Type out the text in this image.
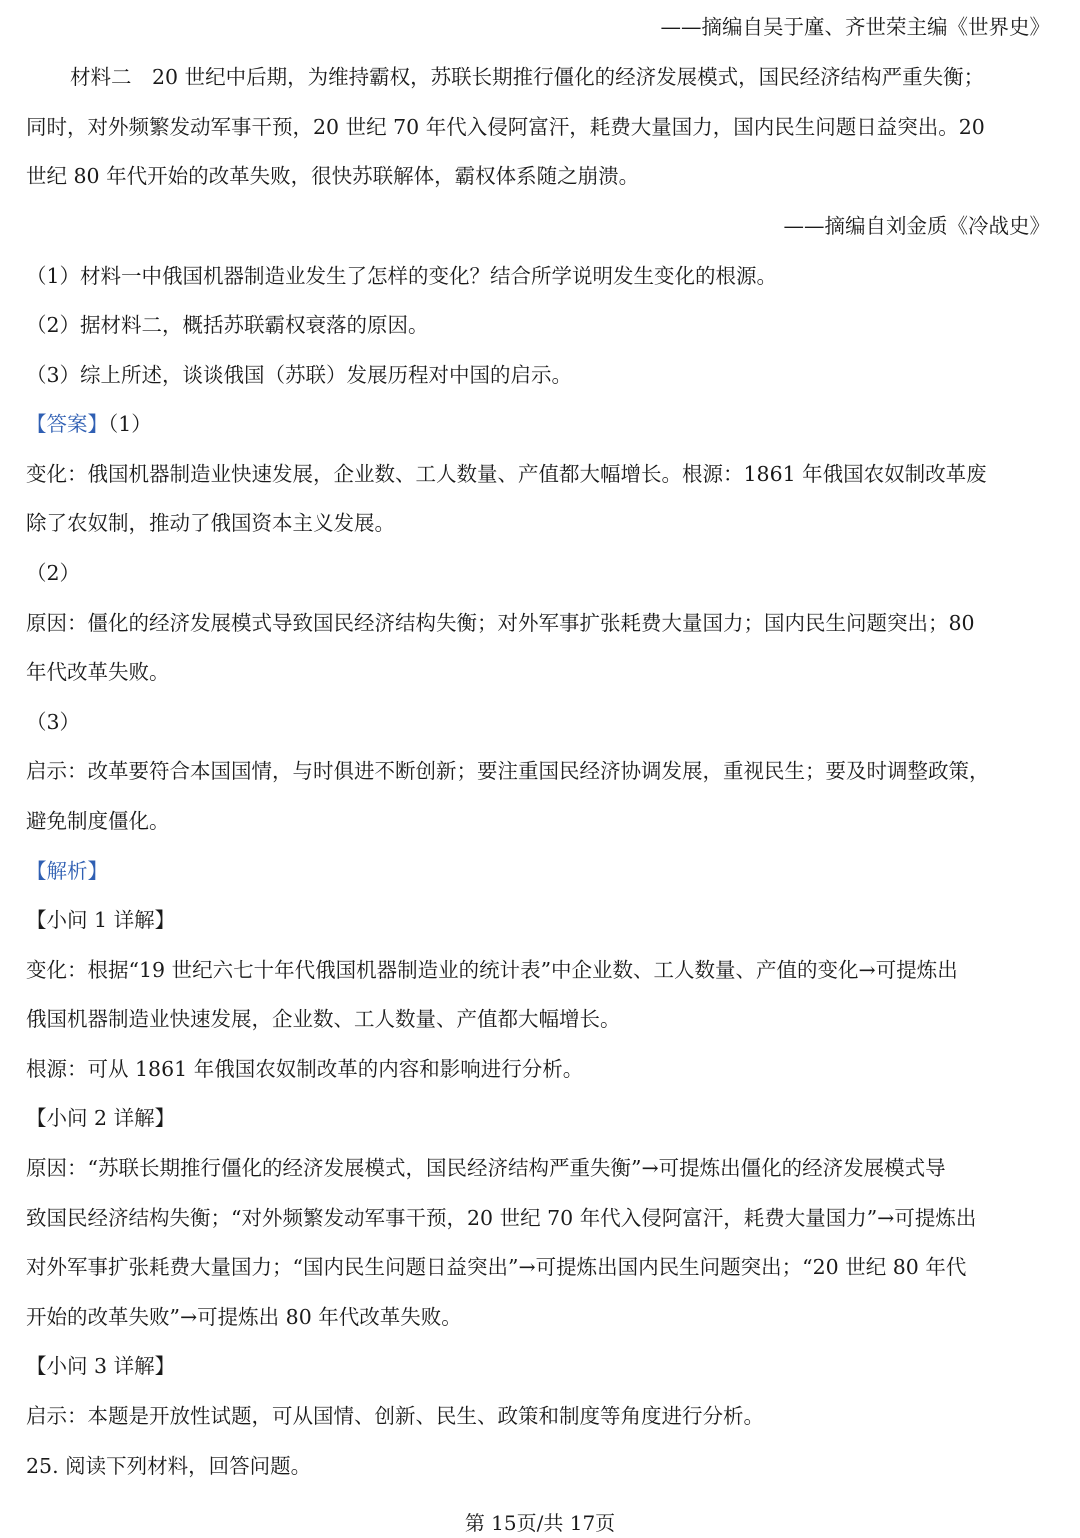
——摘编自吴于廑、齐世荣主编《世界史》
材料二　20 世纪中后期，为维持霸权，苏联长期推行僵化的经济发展模式，国民经济结构严重失衡；
同时，对外频繁发动军事干预，20 世纪 70 年代入侵阿富汗，耗费大量国力，国内民生问题日益突出。20
世纪 80 年代开始的改革失败，很快苏联解体，霸权体系随之崩溃。
——摘编自刘金质《冷战史》
（1）材料一中俄国机器制造业发生了怎样的变化？结合所学说明发生变化的根源。
（2）据材料二，概括苏联霸权衰落的原因。
（3）综上所述，谈谈俄国（苏联）发展历程对中国的启示。
【答案】（1）
变化：俄国机器制造业快速发展，企业数、工人数量、产值都大幅增长。根源：1861 年俄国农奴制改革废
除了农奴制，推动了俄国资本主义发展。
（2）
原因：僵化的经济发展模式导致国民经济结构失衡；对外军事扩张耗费大量国力；国内民生问题突出；80
年代改革失败。
（3）
启示：改革要符合本国国情，与时俱进不断创新；要注重国民经济协调发展，重视民生；要及时调整政策，
避免制度僵化。
【解析】
【小问 1 详解】
变化：根据“19 世纪六七十年代俄国机器制造业的统计表”中企业数、工人数量、产值的变化→可提炼出
俄国机器制造业快速发展，企业数、工人数量、产值都大幅增长。
根源：可从 1861 年俄国农奴制改革的内容和影响进行分析。
【小问 2 详解】
原因：“苏联长期推行僵化的经济发展模式，国民经济结构严重失衡”→可提炼出僵化的经济发展模式导
致国民经济结构失衡；“对外频繁发动军事干预，20 世纪 70 年代入侵阿富汗，耗费大量国力”→可提炼出
对外军事扩张耗费大量国力；“国内民生问题日益突出”→可提炼出国内民生问题突出；“20 世纪 80 年代
开始的改革失败”→可提炼出 80 年代改革失败。
【小问 3 详解】
启示：本题是开放性试题，可从国情、创新、民生、政策和制度等角度进行分析。
25. 阅读下列材料，回答问题。
第 15页/共 17页
